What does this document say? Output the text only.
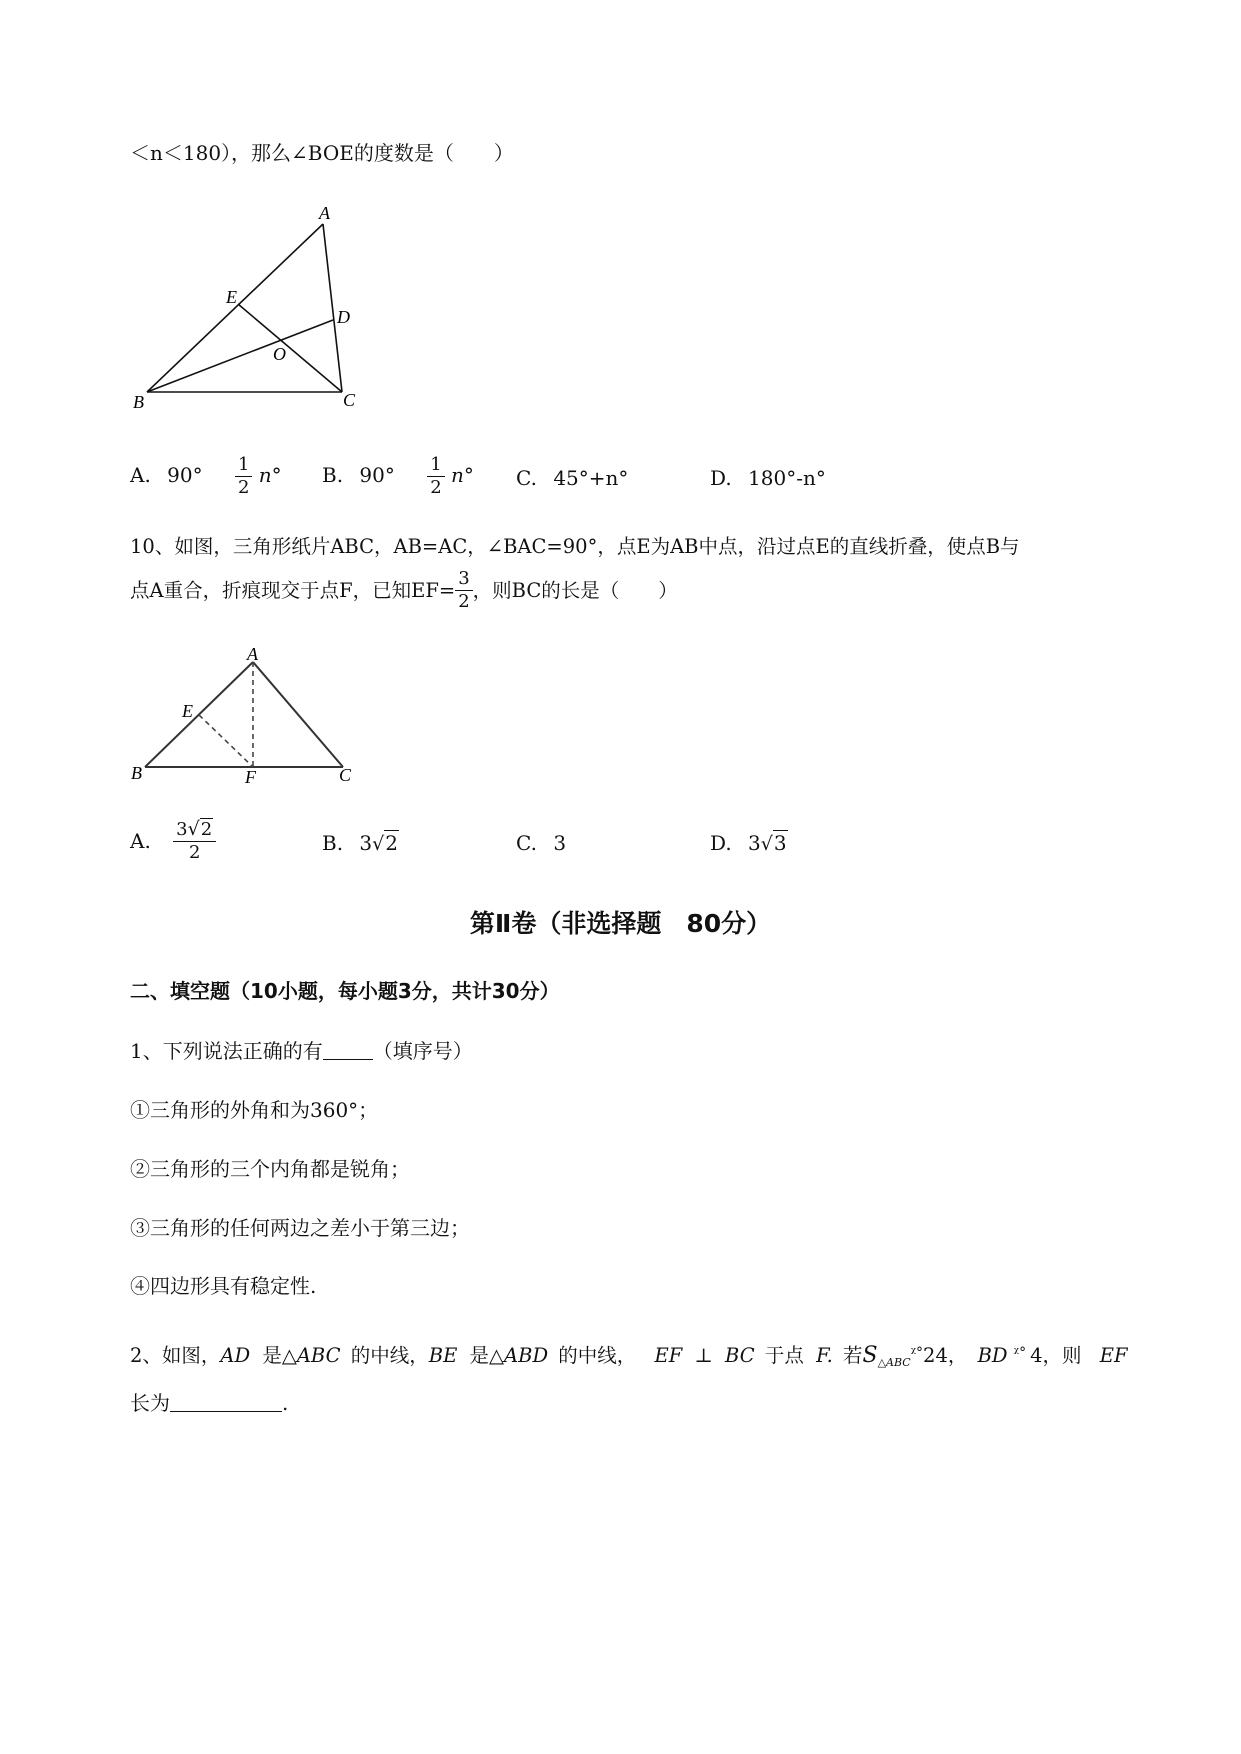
＜n＜180），那么∠BOE的度数是（　　）
A
E
D
O
B	C
A. $90^\circ \frac{1}{2} n^\circ$ B. $90^\circ \frac{1}{2} n^\circ$ C. 45°+n°	D. 180°-n°
10、如图，三角形纸片ABC，AB=AC，∠BAC=90°，点E为AB中点，沿过点E的直线折叠，使点B与
点A重合，折痕现交于点F，已知$EF= \frac{3}{2}$ ，则BC的长是（　　）
A
E
B	F	C
A. $\frac{3√2}{2}$	B. 3√2	C. 3	D. 3√3
第Ⅱ卷（非选择题　80分）
二、填空题（10小题，每小题3分，共计30分）
1、下列说法正确的有	（填序号）
①三角形的外角和为360°；
②三角形的三个内角都是锐角；
③三角形的任何两边之差小于第三边；
④四边形具有稳定性.
2、如图，AD 是△ABC 的中线，BE 是△ABD 的中线， EF ⊥ BC 于点 F. 若$S_{\triangle ABC}^{ᵡ^\circ}24$， BD $^{ᵡ^\circ}$ 4，则 EF
长为	.
